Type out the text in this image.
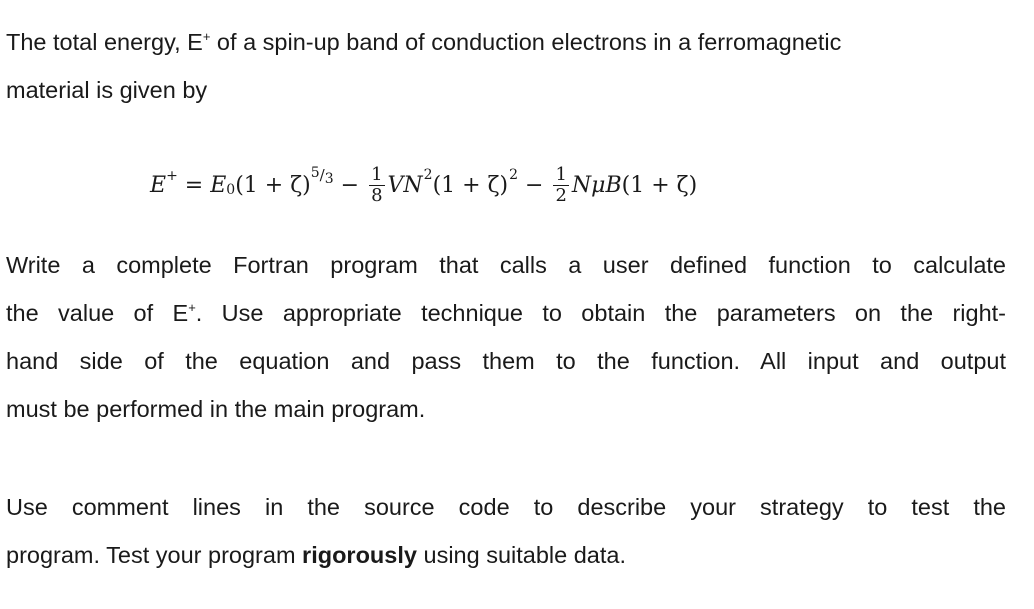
The total energy, E+ of a spin-up band of conduction electrons in a ferromagnetic
material is given by

E + = E 0 (1 + ζ) $5/3 - \frac{1}{8}$ VN 2 (1 + ζ) $2 - \frac{1}{2}$ NμB (1 + ζ)

Write a complete Fortran program that calls a user defined function to calculate
the value of E+. Use appropriate technique to obtain the parameters on the right-
hand side of the equation and pass them to the function. All input and output
must be performed in the main program.

Use comment lines in the source code to describe your strategy to test the
program. Test your program rigorously using suitable data.
